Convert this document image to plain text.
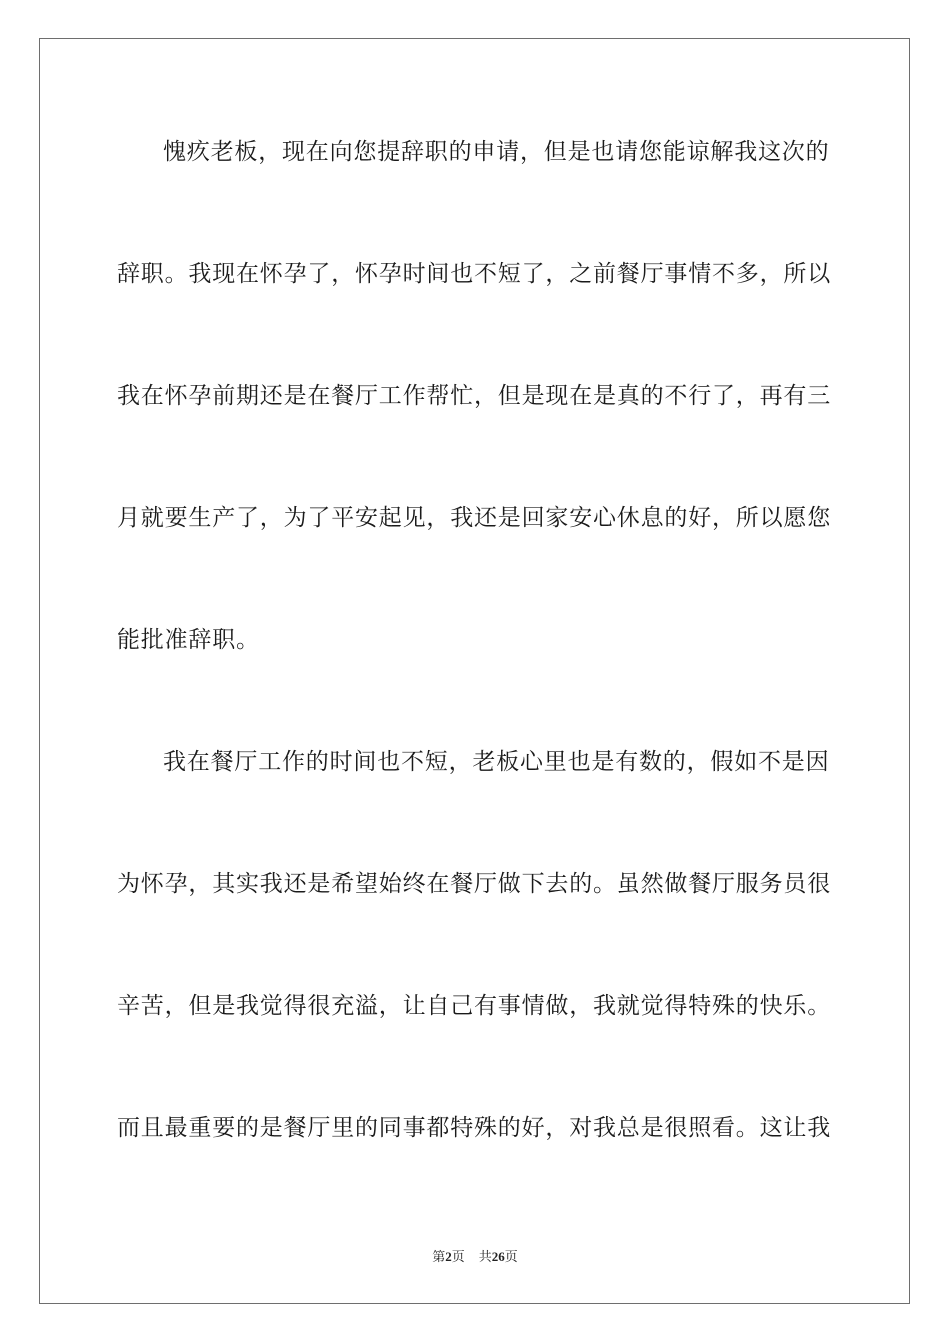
愧疚老板，现在向您提辞职的申请，但是也请您能谅解我这次的
辞职。我现在怀孕了，怀孕时间也不短了，之前餐厅事情不多，所以
我在怀孕前期还是在餐厅工作帮忙，但是现在是真的不行了，再有三
月就要生产了，为了平安起见，我还是回家安心休息的好，所以愿您
能批准辞职。
我在餐厅工作的时间也不短，老板心里也是有数的，假如不是因
为怀孕，其实我还是希望始终在餐厅做下去的。虽然做餐厅服务员很
辛苦，但是我觉得很充溢，让自己有事情做，我就觉得特殊的快乐。
而且最重要的是餐厅里的同事都特殊的好，对我总是很照看。这让我
第2页 共26页
